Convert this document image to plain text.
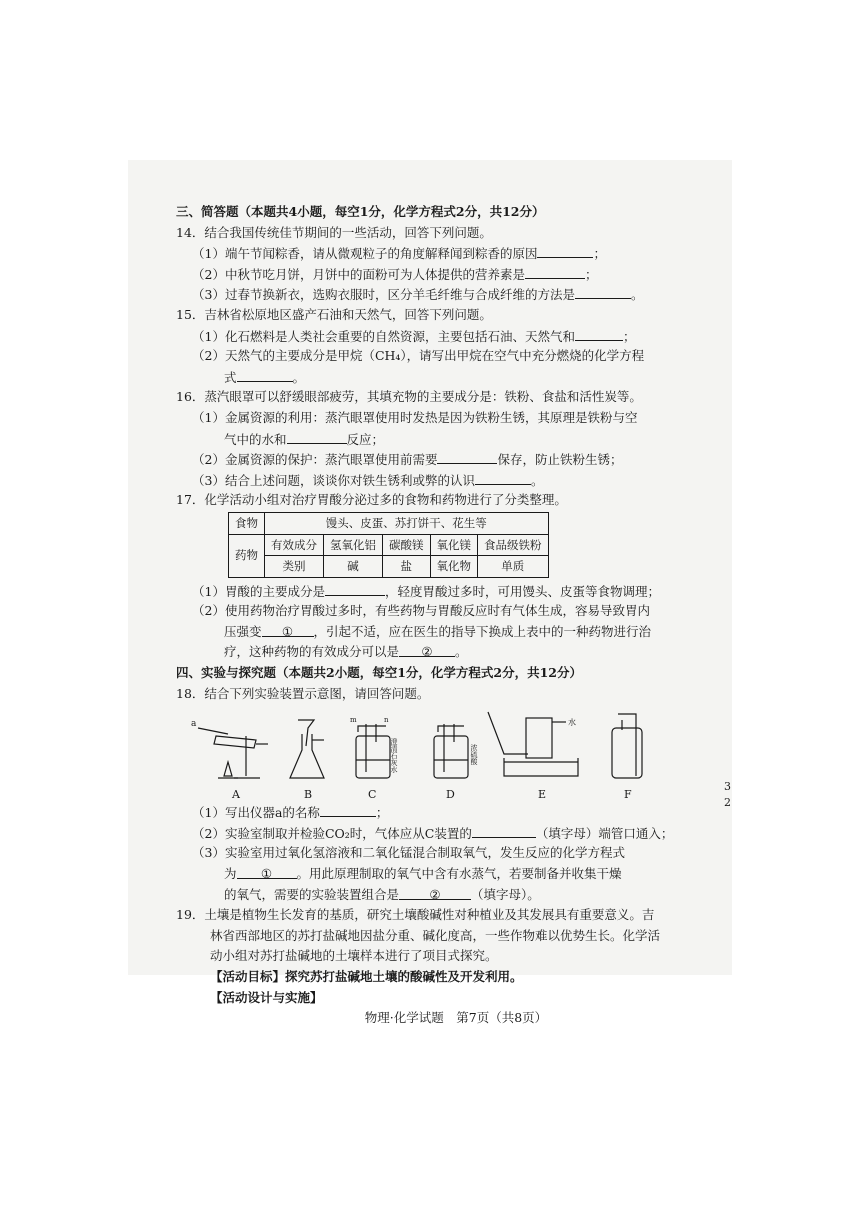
三、简答题（本题共4小题，每空1分，化学方程式2分，共12分）
14．结合我国传统佳节期间的一些活动，回答下列问题。
（1）端午节闻粽香，请从微观粒子的角度解释闻到粽香的原因	；
（2）中秋节吃月饼，月饼中的面粉可为人体提供的营养素是	；
（3）过春节换新衣，选购衣服时，区分羊毛纤维与合成纤维的方法是	。
15．吉林省松原地区盛产石油和天然气，回答下列问题。
（1）化石燃料是人类社会重要的自然资源，主要包括石油、天然气和	；
（2）天然气的主要成分是甲烷（CH₄），请写出甲烷在空气中充分燃烧的化学方程
式	。
16．蒸汽眼罩可以舒缓眼部疲劳，其填充物的主要成分是：铁粉、食盐和活性炭等。
（1）金属资源的利用：蒸汽眼罩使用时发热是因为铁粉生锈，其原理是铁粉与空
气中的水和	反应；
（2）金属资源的保护：蒸汽眼罩使用前需要	保存，防止铁粉生锈；
（3）结合上述问题，谈谈你对铁生锈利或弊的认识	。
17．化学活动小组对治疗胃酸分泌过多的食物和药物进行了分类整理。
食物	馒头、皮蛋、苏打饼干、花生等				
药物	有效成分	氢氧化铝	碳酸镁	氧化镁	食品级铁粉
	类别	碱	盐	氧化物	单质
（1）胃酸的主要成分是	，轻度胃酸过多时，可用馒头、皮蛋等食物调理；
（2）使用药物治疗胃酸过多时，有些药物与胃酸反应时有气体生成，容易导致胃内
压强变 ① ，引起不适，应在医生的指导下换成上表中的一种药物进行治
疗，这种药物的有效成分可以是 ② 。
四、实验与探究题（本题共2小题，每空1分，化学方程式2分，共12分）
18．结合下列实验装置示意图，请回答问题。
a	m	n
澄清石灰水	浓硫酸
水
A	B	C	D	E	F
（1）写出仪器a的名称	；
（2）实验室制取并检验CO₂时，气体应从C装置的	（填字母）端管口通入；
（3）实验室用过氧化氢溶液和二氧化锰混合制取氧气，发生反应的化学方程式
为 ① 。用此原理制取的氧气中含有水蒸气，若要制备并收集干燥
的氧气，需要的实验装置组合是 ② （填字母）。
19．土壤是植物生长发育的基质，研究土壤酸碱性对种植业及其发展具有重要意义。吉
林省西部地区的苏打盐碱地因盐分重、碱化度高，一些作物难以优势生长。化学活
动小组对苏打盐碱地的土壤样本进行了项目式探究。
【活动目标】探究苏打盐碱地土壤的酸碱性及开发利用。
【活动设计与实施】
物理·化学试题　第7页（共8页）
3
2
